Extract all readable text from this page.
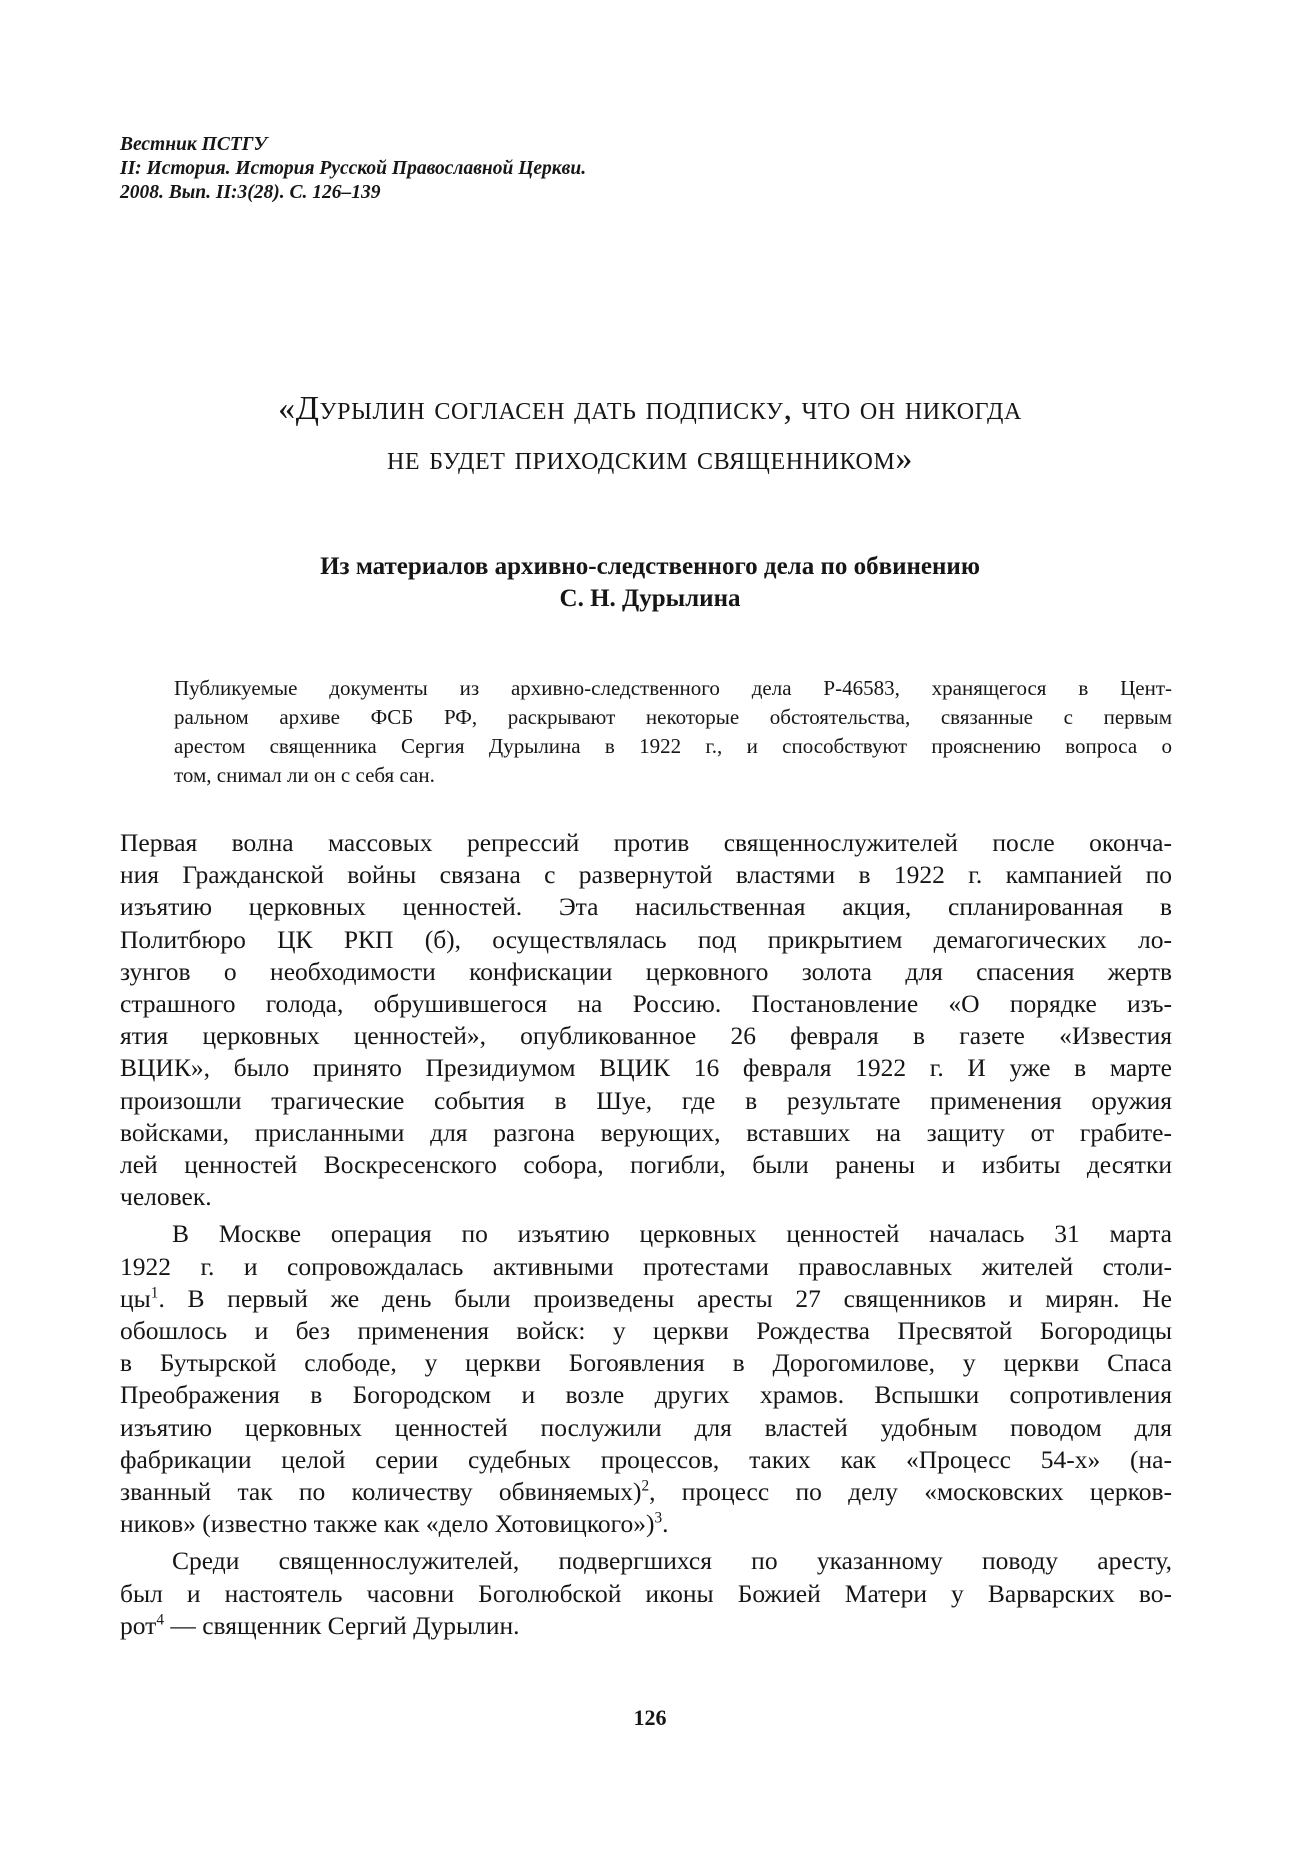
Вестник ПСТГУ
II: История. История Русской Православной Церкви.
2008. Вып. II:3(28). С. 126–139
«Дурылин согласен дать подписку, что он никогда
не будет приходским священником»
Из материалов архивно-следственного дела по обвинению
С. Н. Дурылина
Публикуемые документы из архивно-следственного дела Р-46583, хранящегося в Цент-
ральном архиве ФСБ РФ, раскрывают некоторые обстоятельства, связанные с первым
арестом священника Сергия Дурылина в 1922 г., и способствуют прояснению вопроса о
том, снимал ли он с себя сан.
Первая волна массовых репрессий против священнослужителей после оконча-
ния Гражданской войны связана с развернутой властями в 1922 г. кампанией по
изъятию церковных ценностей. Эта насильственная акция, спланированная в
Политбюро ЦК РКП (б), осуществлялась под прикрытием демагогических ло-
зунгов о необходимости конфискации церковного золота для спасения жертв
страшного голода, обрушившегося на Россию. Постановление «О порядке изъ-
ятия церковных ценностей», опубликованное 26 февраля в газете «Известия
ВЦИК», было принято Президиумом ВЦИК 16 февраля 1922 г. И уже в марте
произошли трагические события в Шуе, где в результате применения оружия
войсками, присланными для разгона верующих, вставших на защиту от грабите-
лей ценностей Воскресенского собора, погибли, были ранены и избиты десятки
человек.
В Москве операция по изъятию церковных ценностей началась 31 марта
1922 г. и сопровождалась активными протестами православных жителей столи-
цы$^1$. В первый же день были произведены аресты 27 священников и мирян. Не
обошлось и без применения войск: у церкви Рождества Пресвятой Богородицы
в Бутырской слободе, у церкви Богоявления в Дорогомилове, у церкви Спаса
Преображения в Богородском и возле других храмов. Вспышки сопротивления
изъятию церковных ценностей послужили для властей удобным поводом для
фабрикации целой серии судебных процессов, таких как «Процесс 54-х» (на-
званный так по количеству обвиняемых)$^2$, процесс по делу «московских церков-
ников» (известно также как «дело Хотовицкого»)$^3$.
Среди священнослужителей, подвергшихся по указанному поводу аресту,
был и настоятель часовни Боголюбской иконы Божией Матери у Варварских во-
рот$^4$ — священник Сергий Дурылин.
126
